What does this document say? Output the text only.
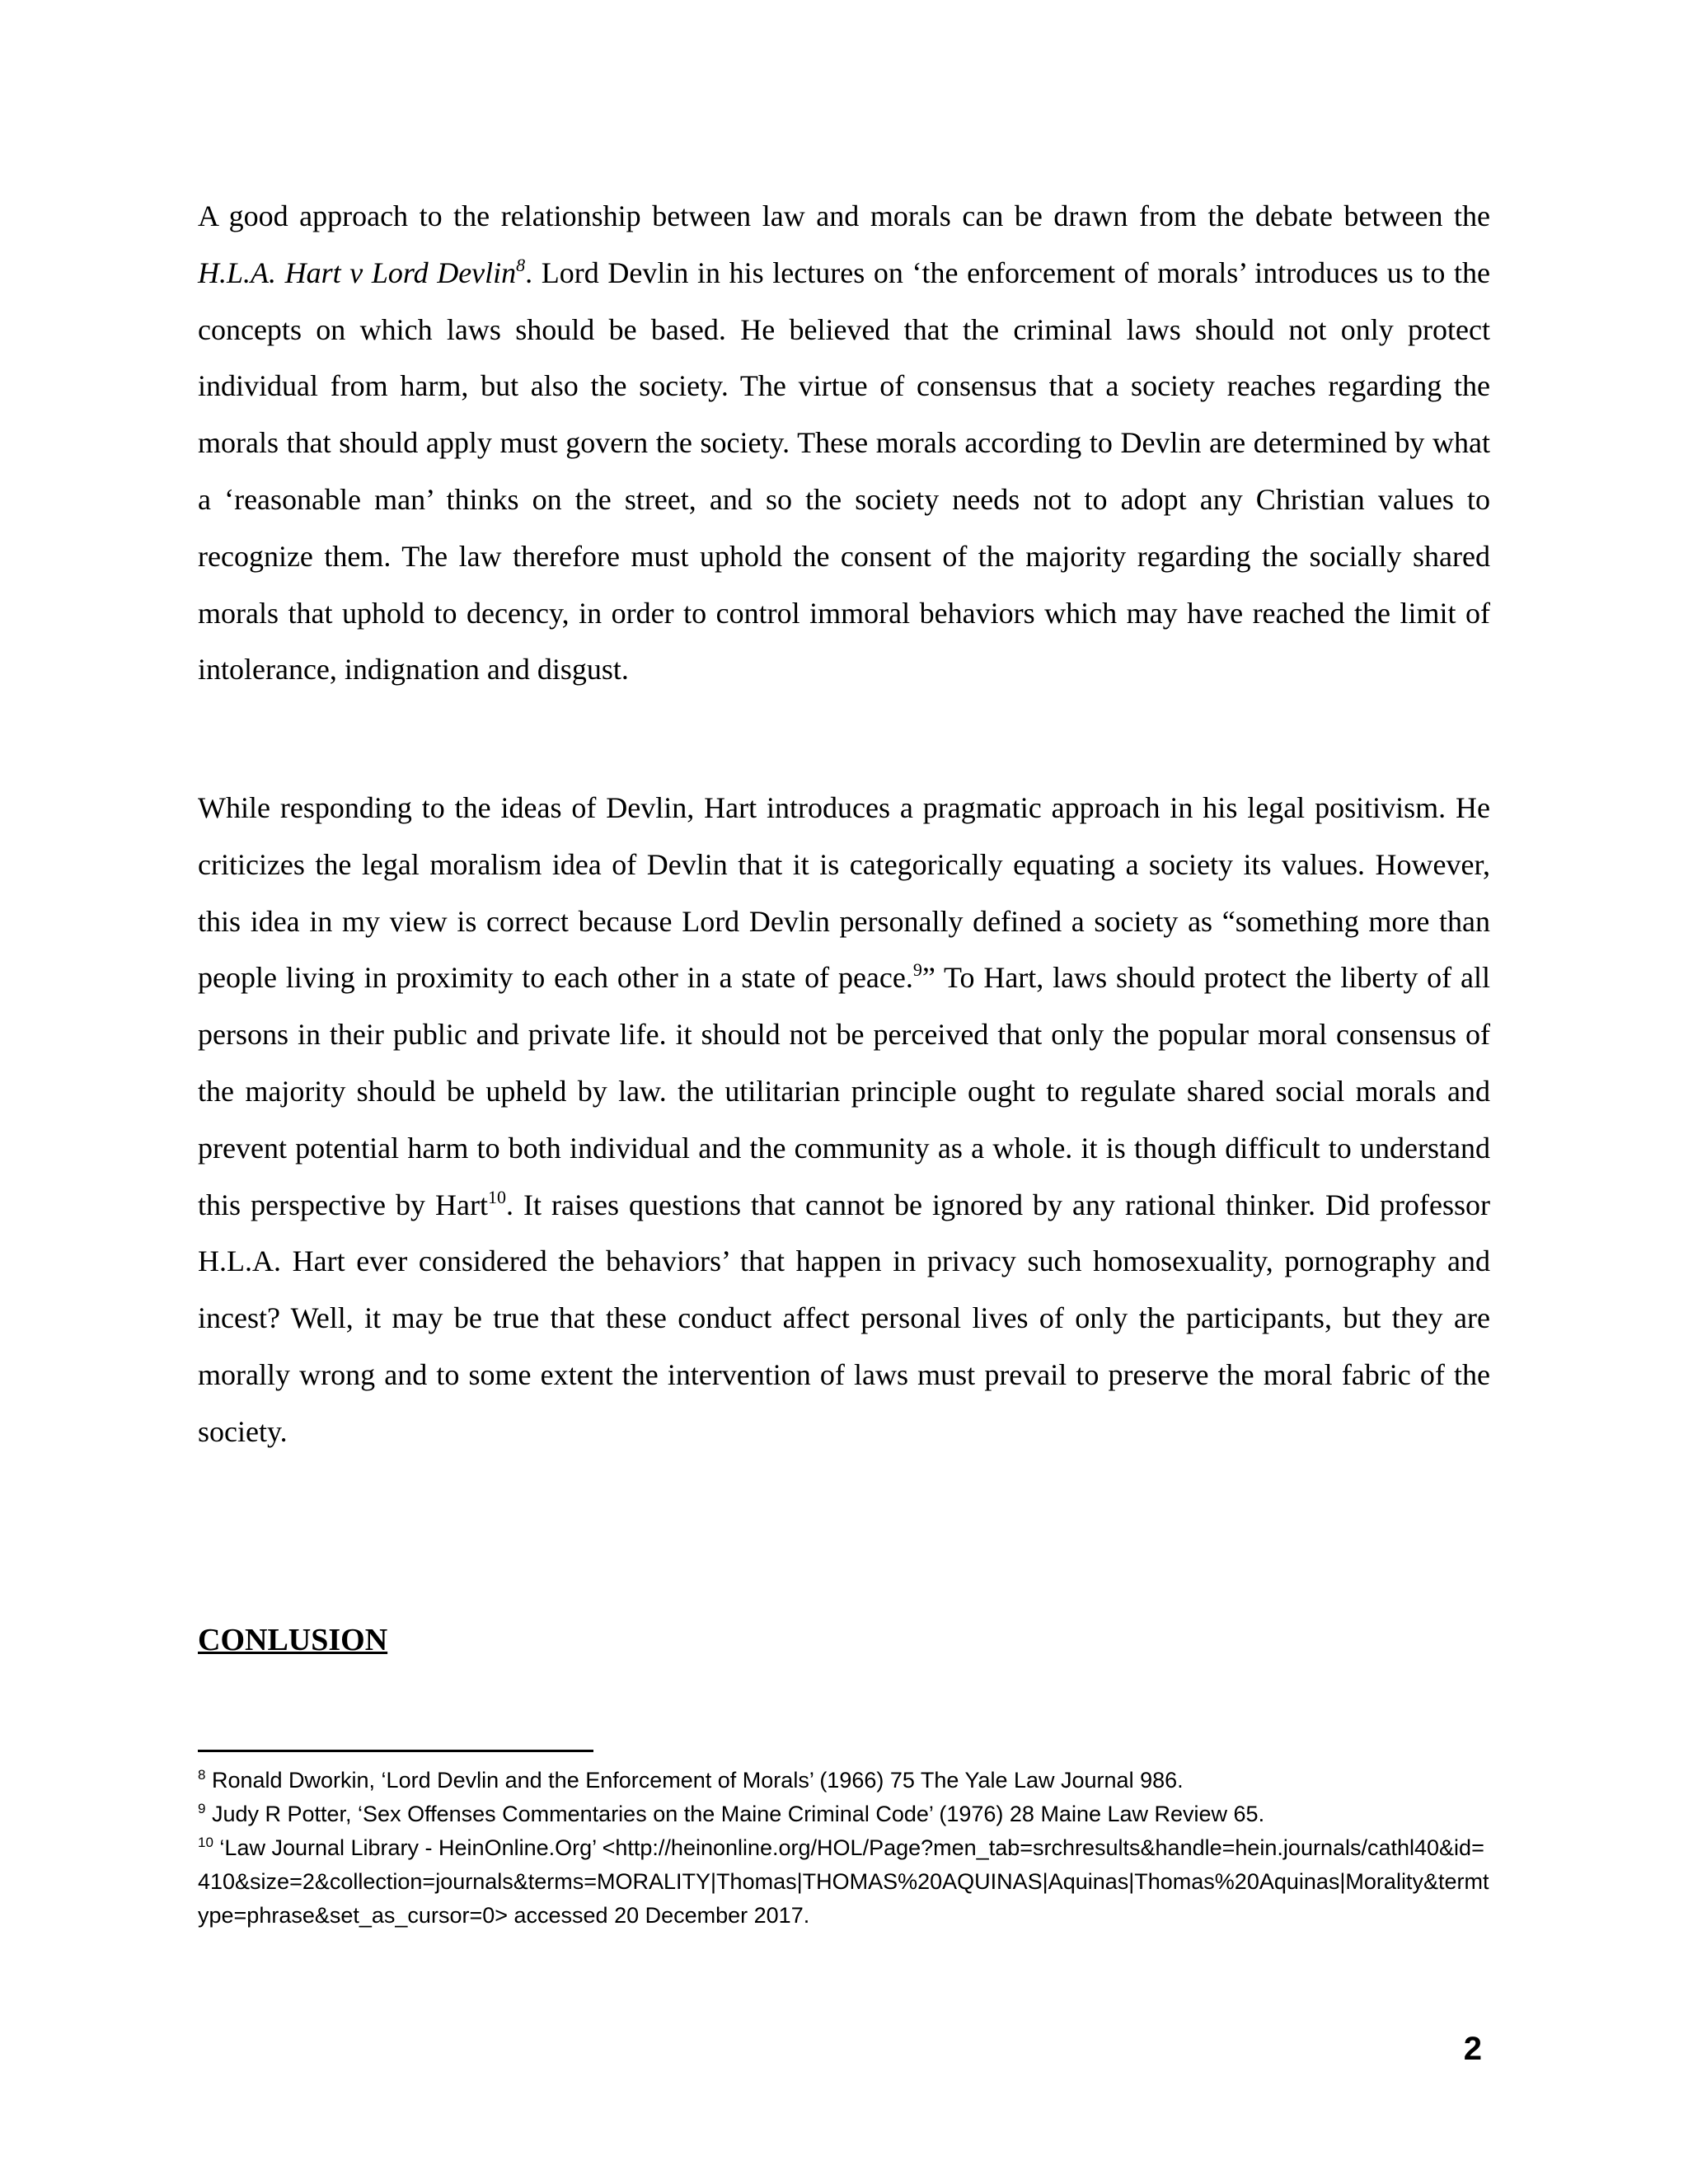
A good approach to the relationship between law and morals can be drawn from the debate between the H.L.A. Hart v Lord Devlin$^8$. Lord Devlin in his lectures on ‘the enforcement of morals’ introduces us to the concepts on which laws should be based. He believed that the criminal laws should not only protect individual from harm, but also the society. The virtue of consensus that a society reaches regarding the morals that should apply must govern the society. These morals according to Devlin are determined by what a ‘reasonable man’ thinks on the street, and so the society needs not to adopt any Christian values to recognize them. The law therefore must uphold the consent of the majority regarding the socially shared morals that uphold to decency, in order to control immoral behaviors which may have reached the limit of intolerance, indignation and disgust.

While responding to the ideas of Devlin, Hart introduces a pragmatic approach in his legal positivism. He criticizes the legal moralism idea of Devlin that it is categorically equating a society its values. However, this idea in my view is correct because Lord Devlin personally defined a society as “something more than people living in proximity to each other in a state of peace.$^9$” To Hart, laws should protect the liberty of all persons in their public and private life. it should not be perceived that only the popular moral consensus of the majority should be upheld by law. the utilitarian principle ought to regulate shared social morals and prevent potential harm to both individual and the community as a whole. it is though difficult to understand this perspective by Hart$^{10}$. It raises questions that cannot be ignored by any rational thinker. Did professor H.L.A. Hart ever considered the behaviors’ that happen in privacy such homosexuality, pornography and incest? Well, it may be true that these conduct affect personal lives of only the participants, but they are morally wrong and to some extent the intervention of laws must prevail to preserve the moral fabric of the society.

CONLUSION

$^8$ Ronald Dworkin, ‘Lord Devlin and the Enforcement of Morals’ (1966) 75 The Yale Law Journal 986.

$^9$ Judy R Potter, ‘Sex Offenses Commentaries on the Maine Criminal Code’ (1976) 28 Maine Law Review 65.

$^{10}$ ‘Law Journal Library - HeinOnline.Org’ <http://heinonline.org/HOL/Page?men_tab=srchresults&handle=hein.journals/cathl40&id=410&size=2&collection=journals&terms=MORALITY|Thomas|THOMAS%20AQUINAS|Aquinas|Thomas%20Aquinas|Morality&termtype=phrase&set_as_cursor=0> accessed 20 December 2017.

2
